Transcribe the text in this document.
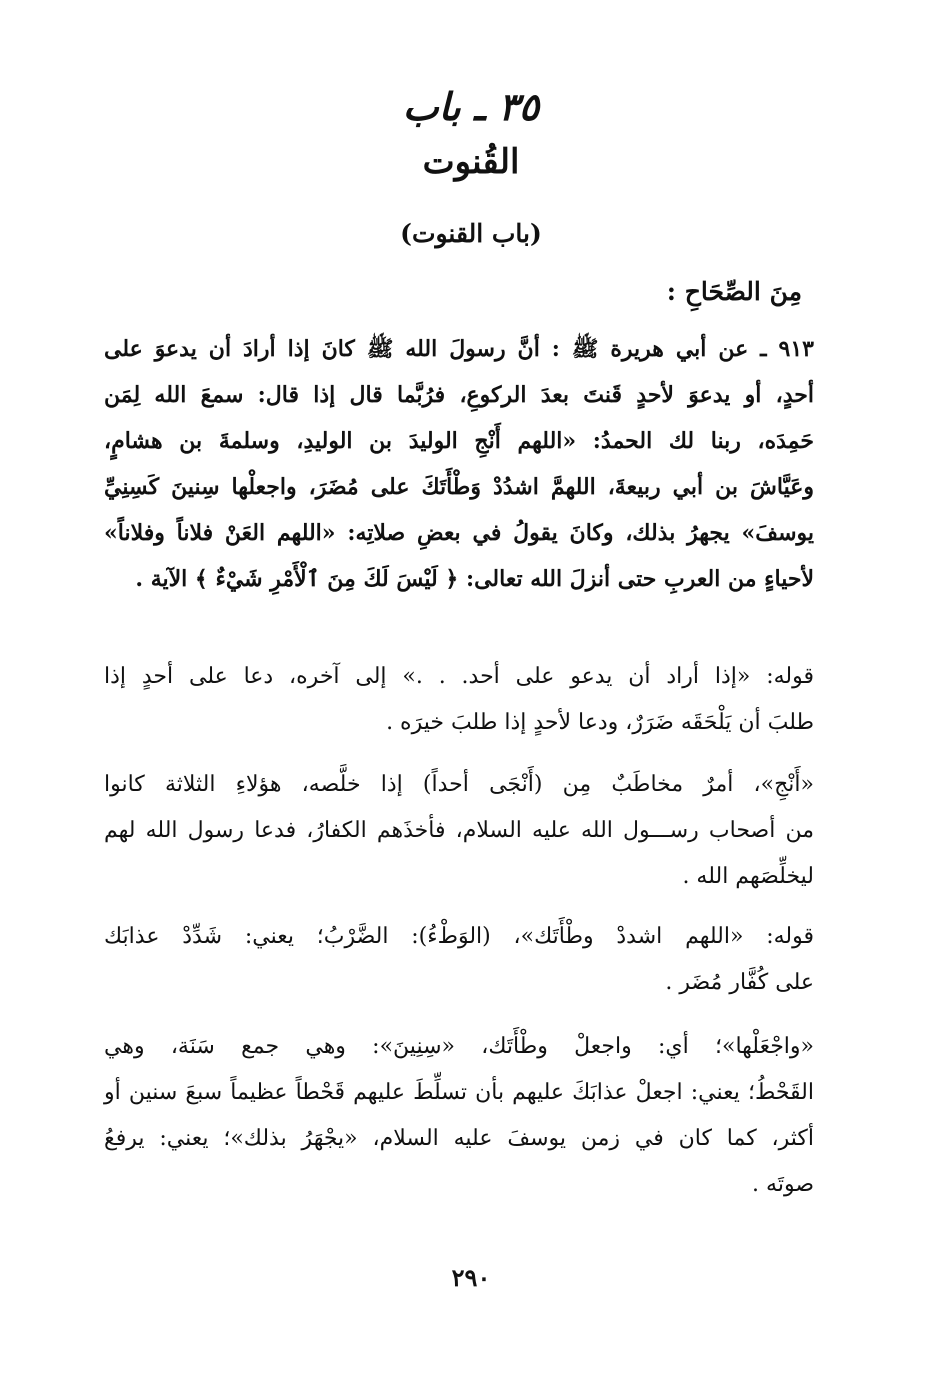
٣٥ ـ باب
القُنوت
(باب القنوت)
مِنَ الصِّحَاحِ :
٩١٣ ـ عن أبي هريرة ﷺ : أنَّ رسولَ الله ﷺ كانَ إذا أرادَ أن يدعوَ على
أحدٍ، أو يدعوَ لأحدٍ قَنتَ بعدَ الركوعِ، فرُبَّما قال إذا قال: سمعَ الله لِمَن
حَمِدَه، ربنا لك الحمدُ: «اللهم أَنْجِ الوليدَ بن الوليدِ، وسلمةَ بن هشامٍ،
وعَيَّاشَ بن أبي ربيعةَ، اللهمَّ اشدُدْ وَطْأَتَكَ على مُضَرَ، واجعلْها سِنينَ كَسِنِيِّ
يوسفَ» يجهرُ بذلك، وكانَ يقولُ في بعضِ صلاتِه: «اللهم العَنْ فلاناً وفلاناً»
لأحياءٍ من العربِ حتى أنزلَ الله تعالى: ﴿ لَيْسَ لَكَ مِنَ ٱلْأَمْرِ شَيْءٌ ﴾ الآية .
قوله: «إذا أراد أن يدعو على أحد. . .» إلى آخره، دعا على أحدٍ إذا
طلبَ أن يَلْحَقَه ضَرَرٌ، ودعا لأحدٍ إذا طلبَ خيرَه .
«أَنْجِ»، أمرٌ مخاطَبٌ مِن (أَنْجَى أحداً) إذا خلَّصه، هؤلاءِ الثلاثة كانوا
من أصحاب رســـول الله عليه السلام، فأخذَهم الكفارُ، فدعا رسول الله لهم
ليخلِّصَهم الله .
قوله: «اللهم اشددْ وطْأَتَك»، (الوَطْءُ): الضَّرْبُ؛ يعني: شَدِّدْ عذابَك
على كُفَّار مُضَر .
«واجْعَلْها»؛ أي: واجعلْ وطْأَتَك، «سِنِينَ»: وهي جمع سَنَة، وهي
القَحْطُ؛ يعني: اجعلْ عذابَكَ عليهم بأن تسلِّطَ عليهم قَحْطاً عظيماً سبعَ سنين أو
أكثر، كما كان في زمن يوسفَ عليه السلام، «يجْهَرُ بذلك»؛ يعني: يرفعُ
صوتَه .
٢٩٠
